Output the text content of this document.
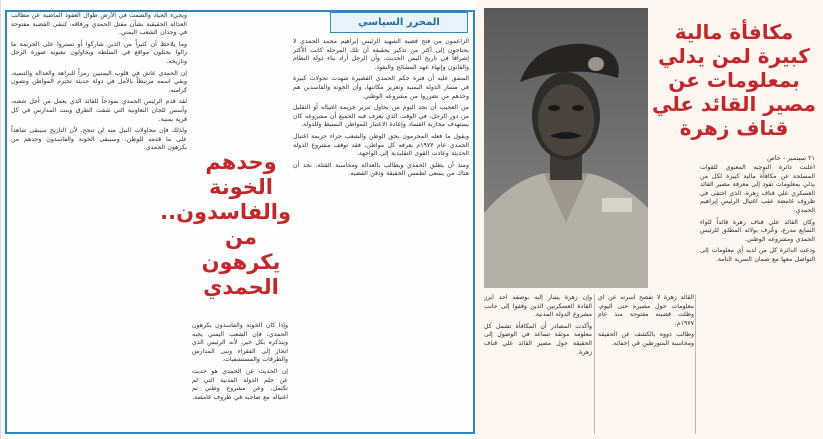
المحرر السياسي

الزاعمون من فتح قضية الشهيد الرئيس إبراهيم محمد الحمدي لا يحتاجون إلى أكثر من تذكير بحقيقة أن تلك المرحلة كانت الأكثر إشراقاً في تاريخ اليمن الحديث، وأن الرجل أراد بناء دولة النظام والقانون وإنهاء عهد المشائخ والنفوذ.

المتفق عليه أن فترة حكم الحمدي القصيرة شهدت تحولات كبيرة في مسار الدولة اليمنية وتعزيز مكانتها، وأن الخونة والفاسدين هم وحدهم من تضرروا من مشروعه الوطني.

من العجيب أن نجد اليوم من يحاول تبرير جريمة اغتياله أو التقليل من دور الرجل، في الوقت الذي يعرف فيه الجميع أن مشروعه كان يستهدف محاربة الفساد وإعادة الاعتبار للمواطن البسيط وللدولة.

ويقول ما فعله المجرمون بحق الوطن والشعب جراء جريمة اغتيال الحمدي عام ١٩٧٧م يعرفه كل مواطن، فقد توقف مشروع الدولة الحديثة وعادت القوى التقليدية إلى الواجهة.

ومنذ أن يطلق الحمدي ويطالب بالعدالة ومحاسبة القتلة، نجد أن هناك من يسعى لطمس الحقيقة ودفن القضية.

وإذا كان الخونة والفاسدون يكرهون الحمدي، فإن الشعب اليمني يحبه ويتذكره بكل خير، لأنه الرئيس الذي انحاز إلى الفقراء وبنى المدارس والطرقات والمستشفيات.

إن الحديث عن الحمدي هو حديث عن حلم الدولة المدنية التي لم تكتمل، وعن مشروع وطني تم اغتياله مع صاحبه في ظروف غامضة.

وحدهم الخونة والفاسدون.. من يكرهون الحمدي

ويجيء الحياد والصمت في الأرض طوال العقود الماضية عن مطالب العدالة الحقيقية بشأن مقتل الحمدي ورفاقه، لتبقى القضية مفتوحة في وجدان الشعب اليمني.

وما يلاحظ أن كثيراً من الذين شاركوا أو تستروا على الجريمة ما زالوا يحتلون مواقع في السلطة ويحاولون تشويه صورة الرجل وتاريخه.

إن الحمدي عاش في قلوب اليمنيين رمزاً للنزاهة والعدالة والتنمية، وبقي اسمه مرتبطاً بالأمل في دولة حديثة تحترم المواطن وتصون كرامته.

لقد قدم الرئيس الحمدي نموذجاً للقائد الذي يعمل من أجل شعبه، وأسس للجان التعاونية التي شقت الطرق وبنت المدارس في كل قرية يمنية.

ولذلك فإن محاولات النيل منه لن تنجح، لأن التاريخ سيبقى شاهداً على ما قدمه للوطن، وسيبقى الخونة والفاسدون وحدهم من يكرهون الحمدي.

مكافأة مالية كبيرة لمن يدلي بمعلومات عن مصير القائد علي قناف زهرة
٢١ سبتمبر - خاص

أعلنت دائرة التوجيه المعنوي للقوات المسلحة عن مكافأة مالية كبيرة لكل من يدلي بمعلومات تقود إلى معرفة مصير القائد العسكري علي قناف زهرة، الذي اختفى في ظروف غامضة عقب اغتيال الرئيس إبراهيم الحمدي.

وكان القائد علي قناف زهرة قائداً للواء السابع مدرع، وعُرف بولائه المطلق للرئيس الحمدي ومشروعه الوطني.

ودعت الدائرة كل من لديه أي معلومات إلى التواصل معها مع ضمان السرية التامة.

القائد زهرة لا تفصح أسرته عن أي معلومات حول مصيره حتى اليوم، وظلت قضيته مفتوحة منذ عام ١٩٧٧م.

وطالب ذووه بالكشف عن الحقيقة ومحاسبة المتورطين في إخفائه.

وإن زهرة يشار إليه بوصفه أحد أبرز القادة العسكريين الذين وقفوا إلى جانب مشروع الدولة المدنية.

وأكدت المصادر أن المكافأة تشمل كل معلومة موثقة تساعد في الوصول إلى الحقيقة حول مصير القائد علي قناف زهرة.
